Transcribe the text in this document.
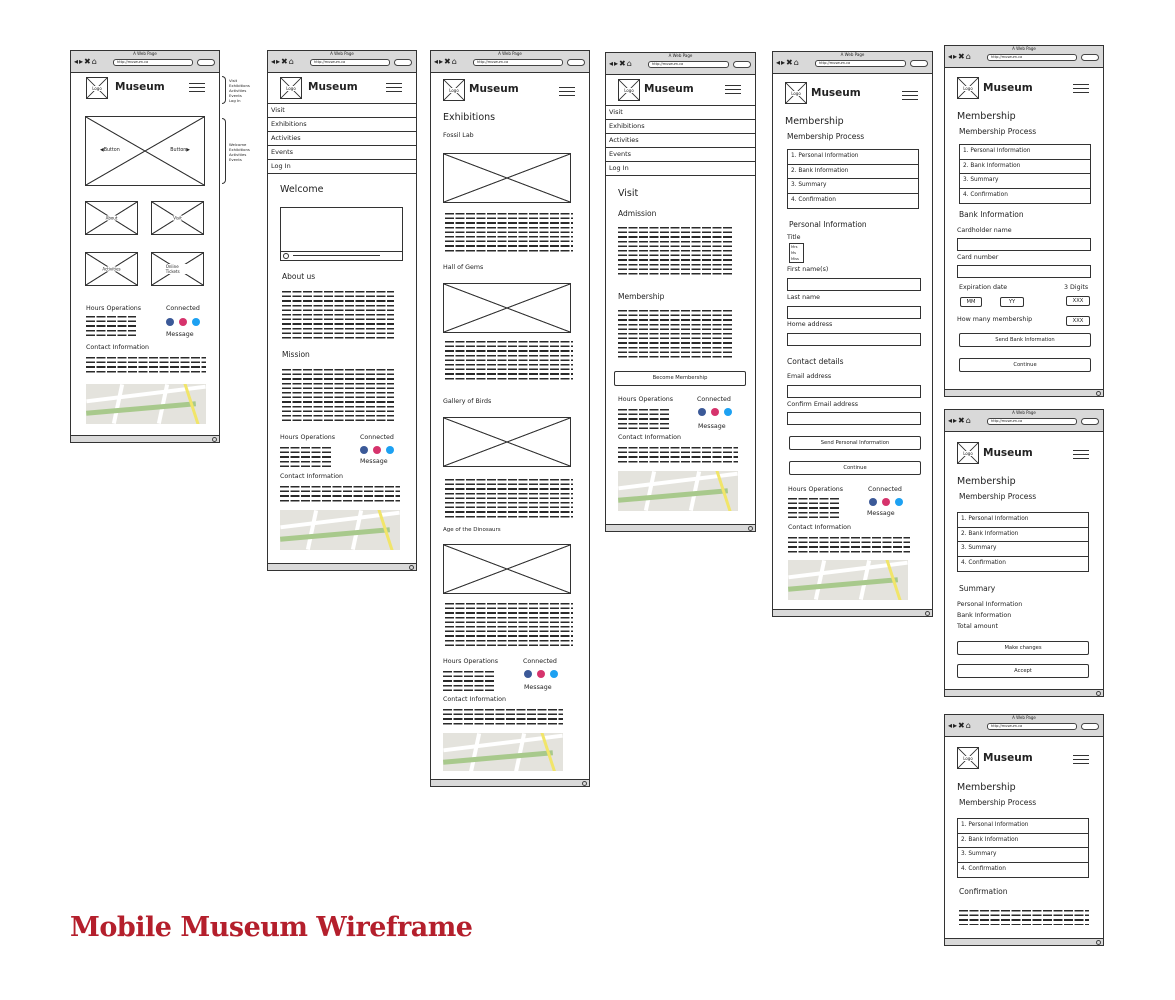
A Web Page
◂▸✖⌂	http://museum.ca
Logo Museum
◀Button	Button▶
About	Visit
Activities	Online Tickets
Hours Operations	Connected
Message
Contact Information
Visit
Exhibitions
Activities
Events
Log In
Welcome
Exhibitions
Activities
Events
A Web Page
◂▸✖⌂	http://museum.ca
Logo Museum
Visit
Exhibitions
Activities
Events
Log In
Welcome
About us
Mission
Hours Operations	Connected
Message
Contact Information
A Web Page
◂▸✖⌂	http://museum.ca
Logo Museum
Exhibitions
Fossil Lab
Hall of Gems
Gallery of Birds
Age of the Dinosaurs
Hours Operations	Connected
Message
Contact Information
A Web Page
◂▸✖⌂	http://museum.ca
Logo Museum
Visit
Exhibitions
Activities
Events
Log In
Visit
Admission
Membership
Become Membership
Hours Operations	Connected
Message
Contact Information
A Web Page
◂▸✖⌂	http://museum.ca
Logo Museum
Membership
Membership Process
1. Personal Information
2. Bank Information
3. Summary
4. Confirmation
Personal Information
Title
Mrs
Ms
Miss
First name(s)
Last name
Home address
Contact details
Email address
Confirm Email address
Send Personal Information
Continue
Hours Operations	Connected
Message
Contact Information
A Web Page
◂▸✖⌂	http://museum.ca
Logo Museum
Membership
Membership Process
1. Personal Information
2. Bank Information
3. Summary
4. Confirmation
Bank Information
Cardholder name
Card number
Expiration date	3 Digits
MM	YY	XXX
How many membership	XXX
Send Bank Information
Continue
A Web Page
◂▸✖⌂	http://museum.ca
Logo Museum
Membership
Membership Process
1. Personal Information
2. Bank Information
3. Summary
4. Confirmation
Summary
Personal Information
Bank Information
Total amount
Make changes
Accept
A Web Page
◂▸✖⌂	http://museum.ca
Logo Museum
Membership
Membership Process
1. Personal Information
2. Bank Information
3. Summary
4. Confirmation
Confirmation
Mobile Museum Wireframe
